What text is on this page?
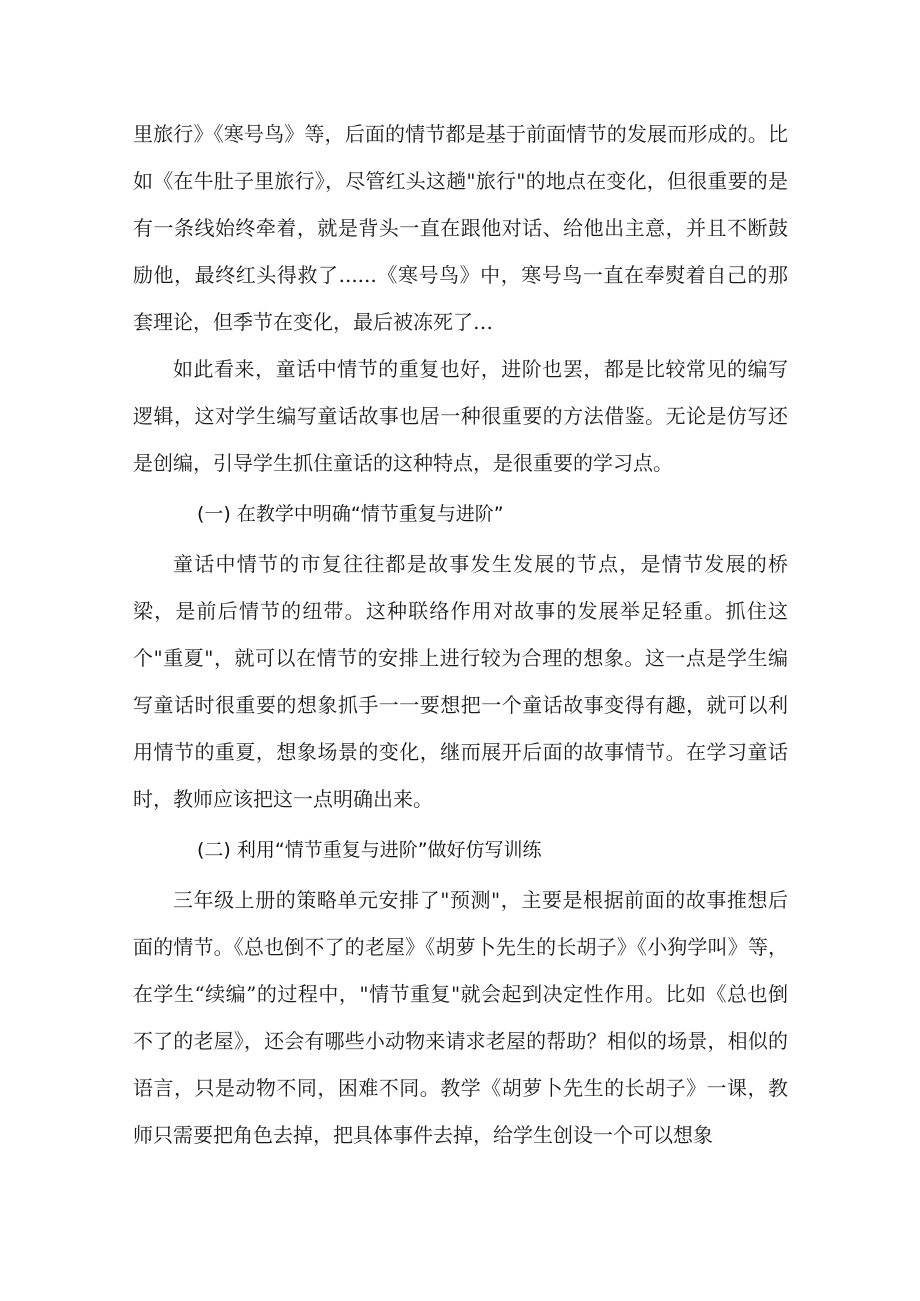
里旅行》《寒号鸟》等，后面的情节都是基于前面情节的发展而形成的。比如《在牛肚子里旅行》，尽管红头这趟"旅行"的地点在变化，但很重要的是有一条线始终牵着，就是背头一直在跟他对话、给他出主意，并且不断鼓励他，最终红头得救了......《寒号鸟》中，寒号鸟一直在奉熨着自己的那套理论，但季节在变化，最后被冻死了…

如此看来，童话中情节的重复也好，进阶也罢，都是比较常见的编写逻辑，这对学生编写童话故事也居一种很重要的方法借鉴。无论是仿写还是创编，引导学生抓住童话的这种特点，是很重要的学习点。

(一) 在教学中明确“情节重复与进阶”

童话中情节的市复往往都是故事发生发展的节点，是情节发展的桥梁，是前后情节的纽带。这种联络作用对故事的发展举足轻重。抓住这个"重夏"，就可以在情节的安排上进行较为合理的想象。这一点是学生编写童话时很重要的想象抓手一一要想把一个童话故事变得有趣，就可以利用情节的重夏，想象场景的变化，继而展开后面的故事情节。在学习童话时，教师应该把这一点明确出来。

(二) 利用“情节重复与进阶”做好仿写训练

三年级上册的策略单元安排了"预测"，主要是根据前面的故事推想后面的情节。《总也倒不了的老屋》《胡萝卜先生的长胡子》《小狗学叫》等，在学生“续编”的过程中，"情节重复"就会起到决定性作用。比如《总也倒不了的老屋》，还会有哪些小动物来请求老屋的帮助？相似的场景，相似的语言，只是动物不同，困难不同。教学《胡萝卜先生的长胡子》一课，教师只需要把角色去掉，把具体事件去掉，给学生创设一个可以想象
